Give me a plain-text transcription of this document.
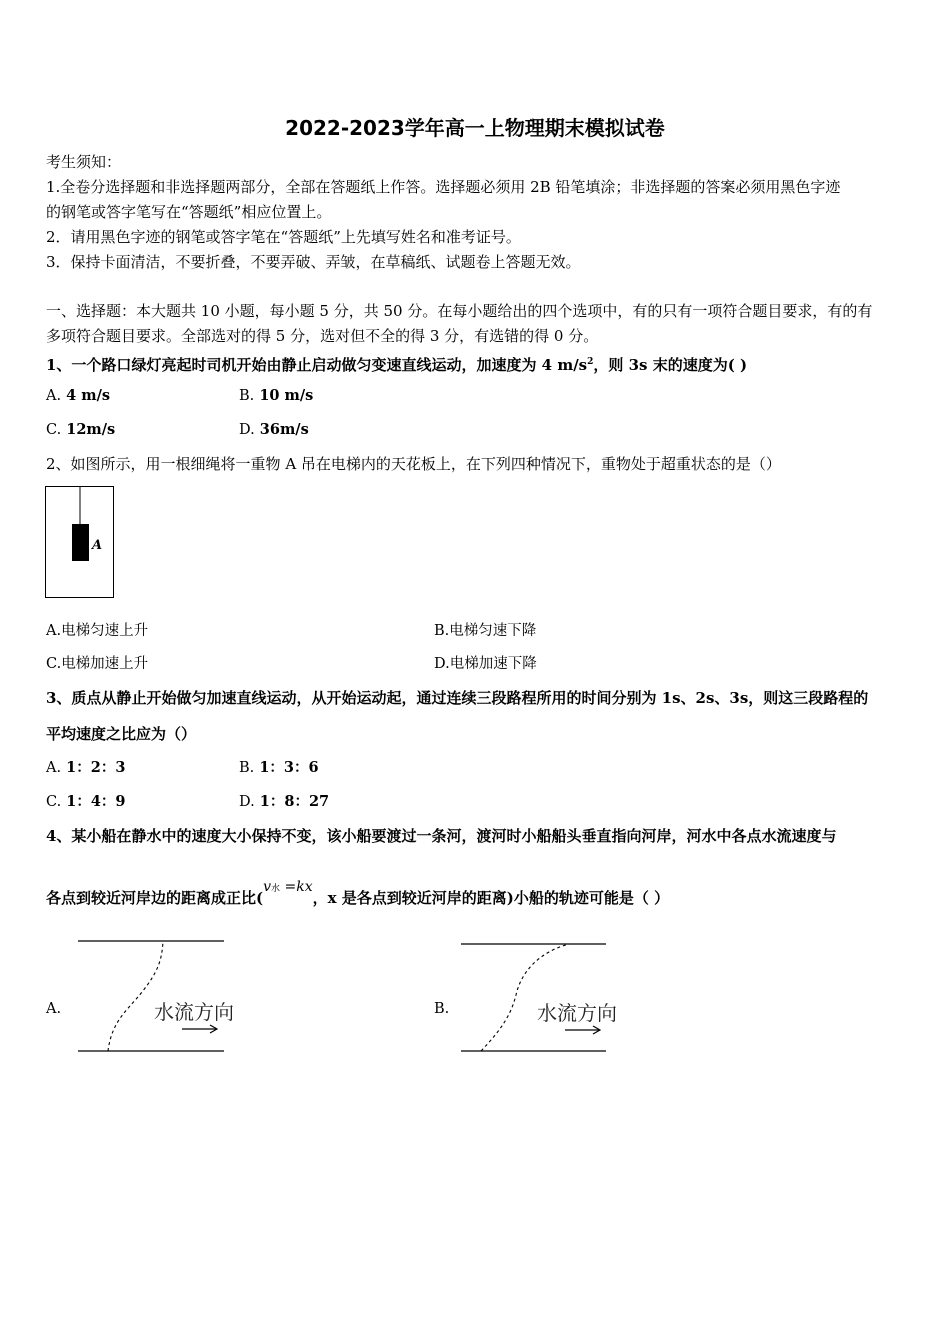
2022-2023学年高一上物理期末模拟试卷
考生须知：
1.全卷分选择题和非选择题两部分，全部在答题纸上作答。选择题必须用 2B 铅笔填涂；非选择题的答案必须用黑色字迹
的钢笔或答字笔写在“答题纸”相应位置上。
2．请用黑色字迹的钢笔或答字笔在“答题纸”上先填写姓名和准考证号。
3．保持卡面清洁，不要折叠，不要弄破、弄皱，在草稿纸、试题卷上答题无效。
一、选择题：本大题共 10 小题，每小题 5 分，共 50 分。在每小题给出的四个选项中，有的只有一项符合题目要求，有的有
多项符合题目要求。全部选对的得 5 分，选对但不全的得 3 分，有选错的得 0 分。
1、一个路口绿灯亮起时司机开始由静止启动做匀变速直线运动，加速度为 4 $m/s^2$，则 3s 末的速度为( )
A. 4 m/s	B. 10 m/s
C. 12m/s	D. 36m/s
2、如图所示，用一根细绳将一重物 A 吊在电梯内的天花板上，在下列四种情况下，重物处于超重状态的是（）
A
A.电梯匀速上升	B.电梯匀速下降
C.电梯加速上升	D.电梯加速下降
3、质点从静止开始做匀加速直线运动，从开始运动起，通过连续三段路程所用的时间分别为 1s、2s、3s，则这三段路程的
平均速度之比应为（）
A. 1：2：3	B. 1：3：6
C. 1：4：9	D. 1：8：27
4、某小船在静水中的速度大小保持不变，该小船要渡过一条河，渡河时小船船头垂直指向河岸，河水中各点水流速度与
各点到较近河岸边的距离成正比(v水 =kx，x 是各点到较近河岸的距离)小船的轨迹可能是（ ）
A.	水流方向	B.	水流方向
